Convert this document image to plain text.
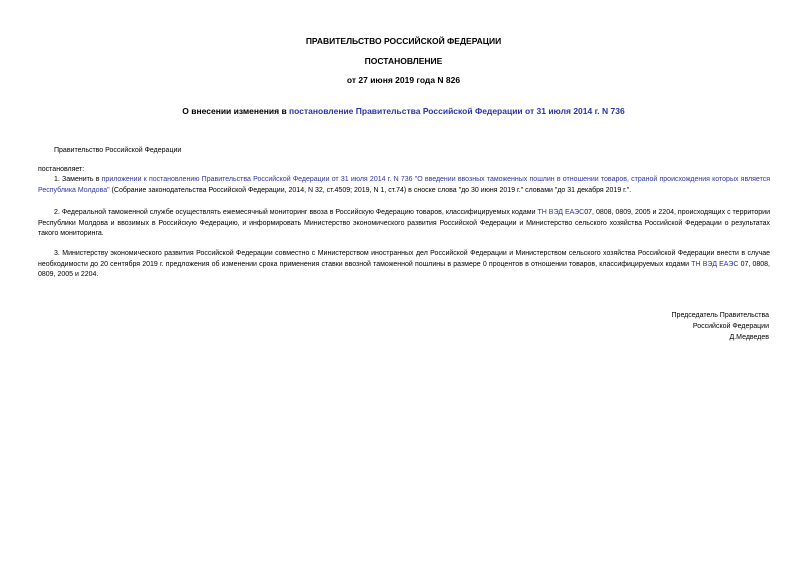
ПРАВИТЕЛЬСТВО РОССИЙСКОЙ ФЕДЕРАЦИИ
ПОСТАНОВЛЕНИЕ
от 27 июня 2019 года N 826
О внесении изменения в постановление Правительства Российской Федерации от 31 июля 2014 г. N 736
Правительство Российской Федерации
постановляет:
1. Заменить в приложении к постановлению Правительства Российской Федерации от 31 июля 2014 г. N 736 "О введении ввозных таможенных пошлин в отношении товаров, страной происхождения которых является Республика Молдова" (Собрание законодательства Российской Федерации, 2014, N 32, ст.4509; 2019, N 1, ст.74) в сноске слова "до 30 июня 2019 г." словами "до 31 декабря 2019 г.".
2. Федеральной таможенной службе осуществлять ежемесячный мониторинг ввоза в Российскую Федерацию товаров, классифицируемых кодами ТН ВЭД ЕАЭС07, 0808, 0809, 2005 и 2204, происходящих с территории Республики Молдова и ввозимых в Российскую Федерацию, и информировать Министерство экономического развития Российской Федерации и Министерство сельского хозяйства Российской Федерации о результатах такого мониторинга.
3. Министерству экономического развития Российской Федерации совместно с Министерством иностранных дел Российской Федерации и Министерством сельского хозяйства Российской Федерации внести в случае необходимости до 20 сентября 2019 г. предложения об изменении срока применения ставки ввозной таможенной пошлины в размере 0 процентов в отношении товаров, классифицируемых кодами ТН ВЭД ЕАЭС 07, 0808, 0809, 2005 и 2204.
Председатель Правительства
Российской Федерации
Д.Медведев
